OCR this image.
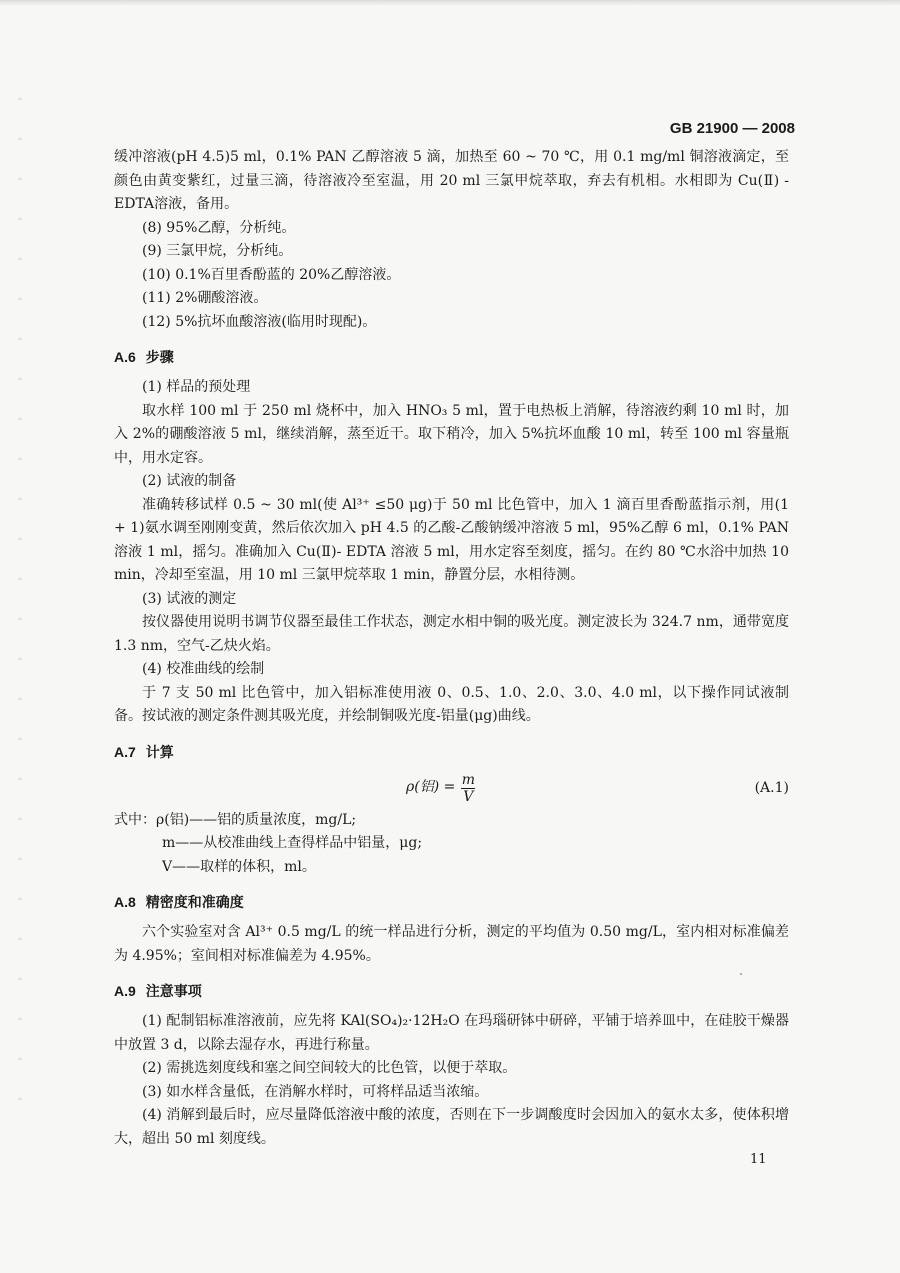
GB 21900 — 2008

缓冲溶液(pH 4.5)5 ml，0.1% PAN 乙醇溶液 5 滴，加热至 60 ~ 70 ℃，用 0.1 mg/ml 铜溶液滴定，至颜色由黄变紫红，过量三滴，待溶液冷至室温，用 20 ml 三氯甲烷萃取，弃去有机相。水相即为 Cu(Ⅱ) - EDTA溶液，备用。

(8) 95%乙醇，分析纯。

(9) 三氯甲烷，分析纯。

(10) 0.1%百里香酚蓝的 20%乙醇溶液。

(11) 2%硼酸溶液。

(12) 5%抗坏血酸溶液(临用时现配)。

A.6 步骤

(1) 样品的预处理

取水样 100 ml 于 250 ml 烧杯中，加入 HNO₃ 5 ml，置于电热板上消解，待溶液约剩 10 ml 时，加入 2%的硼酸溶液 5 ml，继续消解，蒸至近干。取下稍冷，加入 5%抗坏血酸 10 ml，转至 100 ml 容量瓶中，用水定容。

(2) 试液的制备

准确转移试样 0.5 ~ 30 ml(使 Al³⁺ ≤50 μg)于 50 ml 比色管中，加入 1 滴百里香酚蓝指示剂，用(1 + 1)氨水调至刚刚变黄，然后依次加入 pH 4.5 的乙酸-乙酸钠缓冲溶液 5 ml，95%乙醇 6 ml，0.1% PAN 溶液 1 ml，摇匀。准确加入 Cu(Ⅱ)- EDTA 溶液 5 ml，用水定容至刻度，摇匀。在约 80 ℃水浴中加热 10 min，冷却至室温，用 10 ml 三氯甲烷萃取 1 min，静置分层，水相待测。

(3) 试液的测定

按仪器使用说明书调节仪器至最佳工作状态，测定水相中铜的吸光度。测定波长为 324.7 nm，通带宽度 1.3 nm，空气-乙炔火焰。

(4) 校准曲线的绘制

于 7 支 50 ml 比色管中，加入铝标准使用液 0、0.5、1.0、2.0、3.0、4.0 ml，以下操作同试液制备。按试液的测定条件测其吸光度，并绘制铜吸光度-铝量(μg)曲线。

A.7 计算
ρ(铝) = $\frac{m}{V}$	(A.1)

式中：ρ(铝)——铝的质量浓度，mg/L;

m——从校准曲线上查得样品中铝量，μg;

V——取样的体积，ml。

A.8 精密度和准确度

六个实验室对含 Al³⁺ 0.5 mg/L 的统一样品进行分析，测定的平均值为 0.50 mg/L，室内相对标准偏差为 4.95%；室间相对标准偏差为 4.95%。

A.9 注意事项

(1) 配制铝标准溶液前，应先将 KAl(SO₄)₂·12H₂O 在玛瑙研钵中研碎，平铺于培养皿中，在硅胶干燥器中放置 3 d，以除去湿存水，再进行称量。

(2) 需挑选刻度线和塞之间空间较大的比色管，以便于萃取。

(3) 如水样含量低，在消解水样时，可将样品适当浓缩。

(4) 消解到最后时，应尽量降低溶液中酸的浓度，否则在下一步调酸度时会因加入的氨水太多，使体积增大，超出 50 ml 刻度线。

11
